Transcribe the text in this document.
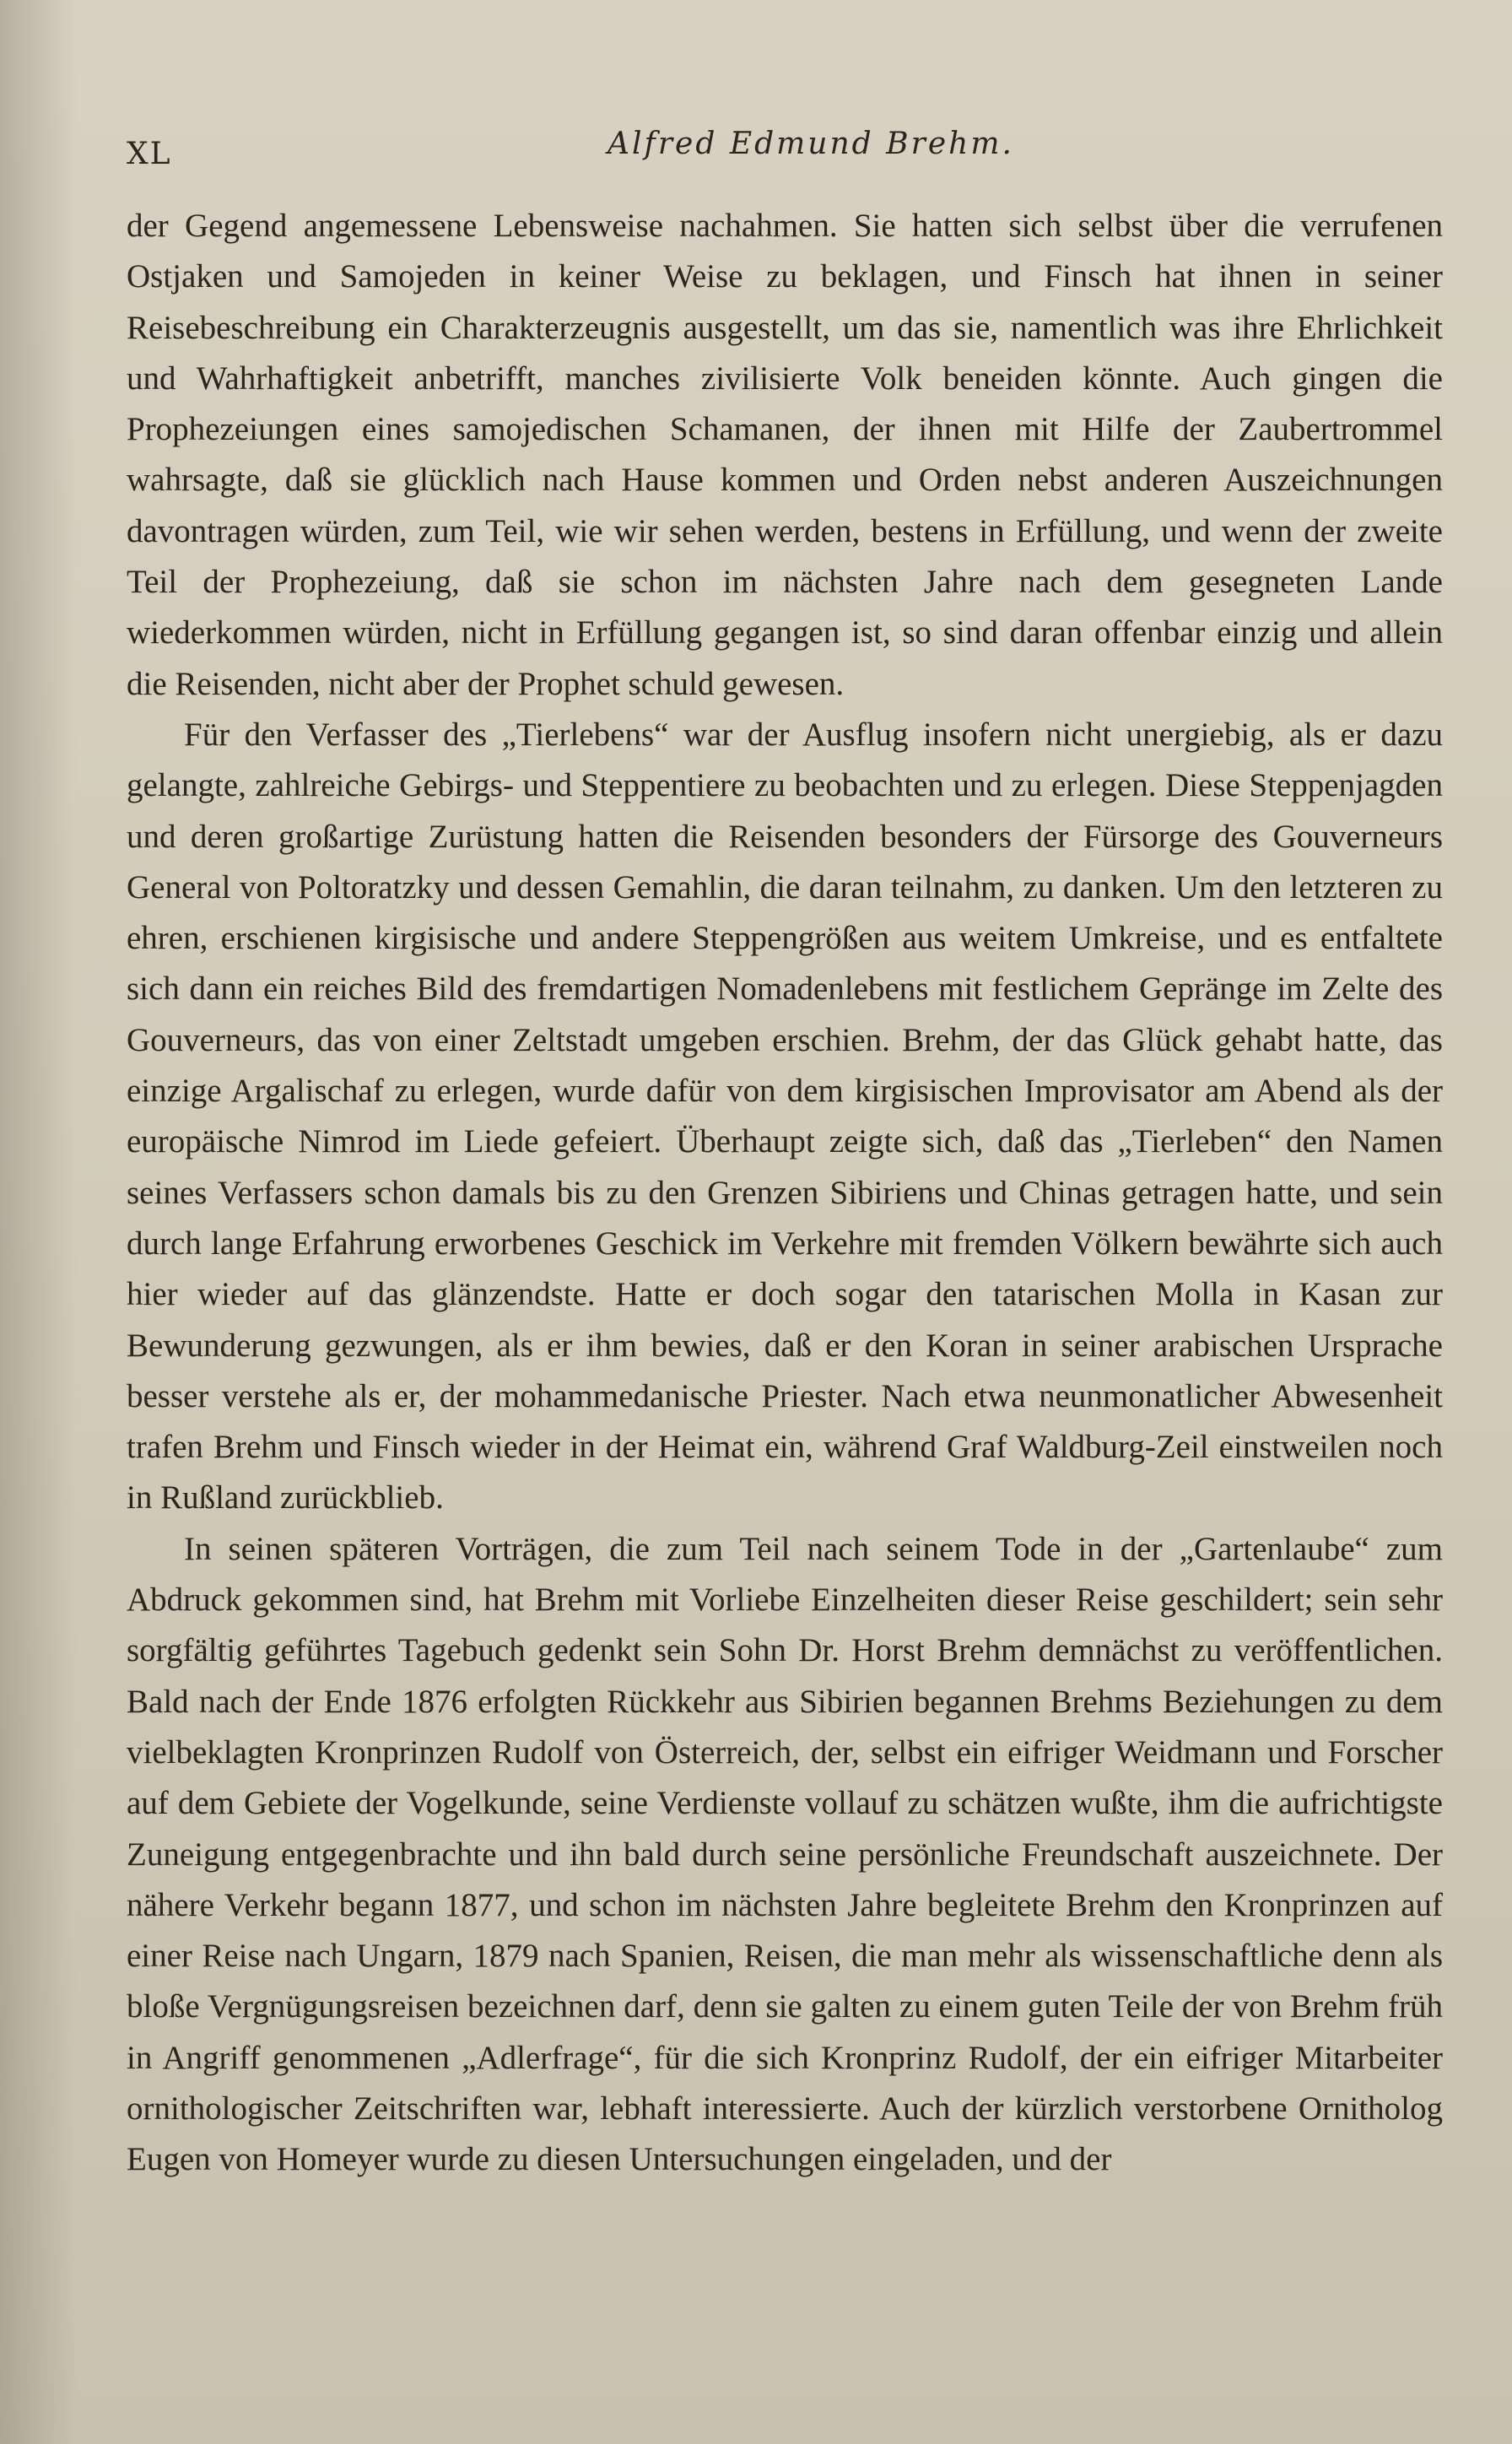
XL	Alfred Edmund Brehm.

der Gegend angemessene Lebensweise nachahmen. Sie hatten sich selbst über die verrufenen Ostjaken und Samojeden in keiner Weise zu beklagen, und Finsch hat ihnen in seiner Reisebeschreibung ein Charakterzeugnis ausgestellt, um das sie, namentlich was ihre Ehrlichkeit und Wahrhaftigkeit anbetrifft, manches zivilisierte Volk beneiden könnte. Auch gingen die Prophezeiungen eines samojedischen Schamanen, der ihnen mit Hilfe der Zaubertrommel wahrsagte, daß sie glücklich nach Hause kommen und Orden nebst anderen Auszeichnungen davontragen würden, zum Teil, wie wir sehen werden, bestens in Erfüllung, und wenn der zweite Teil der Prophezeiung, daß sie schon im nächsten Jahre nach dem gesegneten Lande wiederkommen würden, nicht in Erfüllung gegangen ist, so sind daran offenbar einzig und allein die Reisenden, nicht aber der Prophet schuld gewesen.

Für den Verfasser des „Tierlebens“ war der Ausflug insofern nicht unergiebig, als er dazu gelangte, zahlreiche Gebirgs- und Steppentiere zu beobachten und zu erlegen. Diese Steppenjagden und deren großartige Zurüstung hatten die Reisenden besonders der Fürsorge des Gouverneurs General von Poltoratzky und dessen Gemahlin, die daran teilnahm, zu danken. Um den letzteren zu ehren, erschienen kirgisische und andere Steppengrößen aus weitem Umkreise, und es entfaltete sich dann ein reiches Bild des fremdartigen Nomadenlebens mit festlichem Gepränge im Zelte des Gouverneurs, das von einer Zeltstadt umgeben erschien. Brehm, der das Glück gehabt hatte, das einzige Argalischaf zu erlegen, wurde dafür von dem kirgisischen Improvisator am Abend als der europäische Nimrod im Liede gefeiert. Überhaupt zeigte sich, daß das „Tierleben“ den Namen seines Verfassers schon damals bis zu den Grenzen Sibiriens und Chinas getragen hatte, und sein durch lange Erfahrung erworbenes Geschick im Verkehre mit fremden Völkern bewährte sich auch hier wieder auf das glänzendste. Hatte er doch sogar den tatarischen Molla in Kasan zur Bewunderung gezwungen, als er ihm bewies, daß er den Koran in seiner arabischen Ursprache besser verstehe als er, der mohammedanische Priester. Nach etwa neunmonatlicher Abwesenheit trafen Brehm und Finsch wieder in der Heimat ein, während Graf Waldburg-Zeil einstweilen noch in Rußland zurückblieb.

In seinen späteren Vorträgen, die zum Teil nach seinem Tode in der „Gartenlaube“ zum Abdruck gekommen sind, hat Brehm mit Vorliebe Einzelheiten dieser Reise geschildert; sein sehr sorgfältig geführtes Tagebuch gedenkt sein Sohn Dr. Horst Brehm demnächst zu veröffentlichen. Bald nach der Ende 1876 erfolgten Rückkehr aus Sibirien begannen Brehms Beziehungen zu dem vielbeklagten Kronprinzen Rudolf von Österreich, der, selbst ein eifriger Weidmann und Forscher auf dem Gebiete der Vogelkunde, seine Verdienste vollauf zu schätzen wußte, ihm die aufrichtigste Zuneigung entgegenbrachte und ihn bald durch seine persönliche Freundschaft auszeichnete. Der nähere Verkehr begann 1877, und schon im nächsten Jahre begleitete Brehm den Kronprinzen auf einer Reise nach Ungarn, 1879 nach Spanien, Reisen, die man mehr als wissenschaftliche denn als bloße Vergnügungsreisen bezeichnen darf, denn sie galten zu einem guten Teile der von Brehm früh in Angriff genommenen „Adlerfrage“, für die sich Kronprinz Rudolf, der ein eifriger Mitarbeiter ornithologischer Zeitschriften war, lebhaft interessierte. Auch der kürzlich verstorbene Ornitholog Eugen von Homeyer wurde zu diesen Untersuchungen eingeladen, und der
